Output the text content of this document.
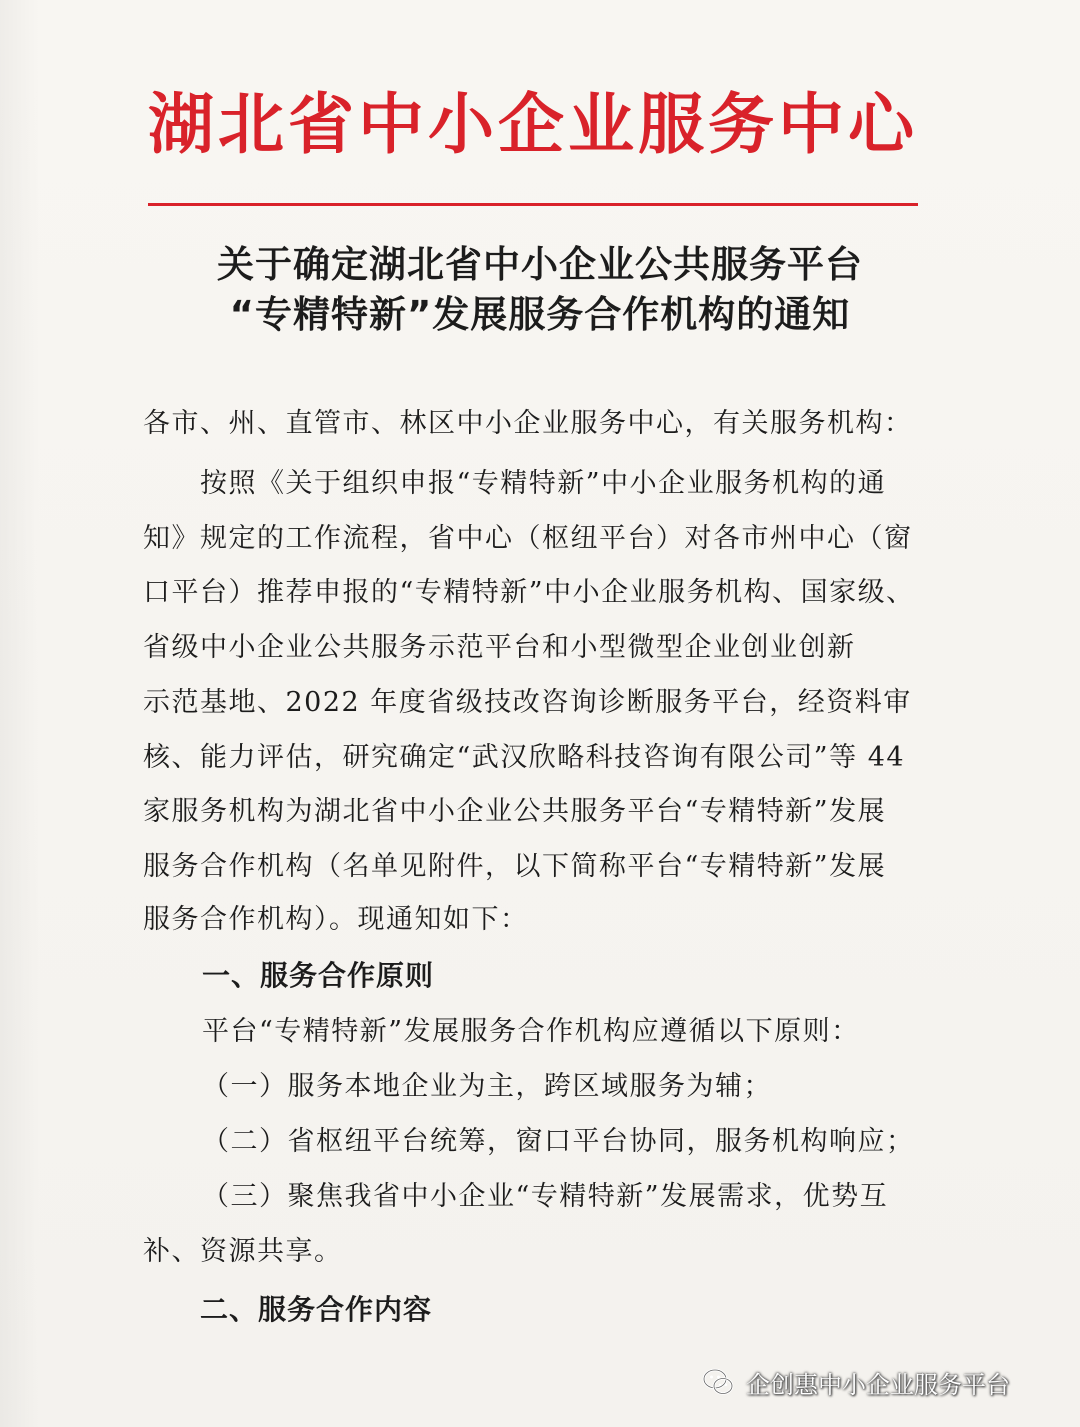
湖北省中小企业服务中心
关于确定湖北省中小企业公共服务平台
“专精特新”发展服务合作机构的通知
各市、州、直管市、林区中小企业服务中心，有关服务机构：
按照《关于组织申报“专精特新”中小企业服务机构的通
知》规定的工作流程，省中心（枢纽平台）对各市州中心（窗
口平台）推荐申报的“专精特新”中小企业服务机构、国家级、
省级中小企业公共服务示范平台和小型微型企业创业创新
示范基地、2022 年度省级技改咨询诊断服务平台，经资料审
核、能力评估，研究确定“武汉欣略科技咨询有限公司”等 44
家服务机构为湖北省中小企业公共服务平台“专精特新”发展
服务合作机构（名单见附件，以下简称平台“专精特新”发展
服务合作机构）。现通知如下：
一、服务合作原则
平台“专精特新”发展服务合作机构应遵循以下原则：
（一）服务本地企业为主，跨区域服务为辅；
（二）省枢纽平台统筹，窗口平台协同，服务机构响应；
（三）聚焦我省中小企业“专精特新”发展需求，优势互
补、资源共享。
二、服务合作内容
企创惠中小企业服务平台
